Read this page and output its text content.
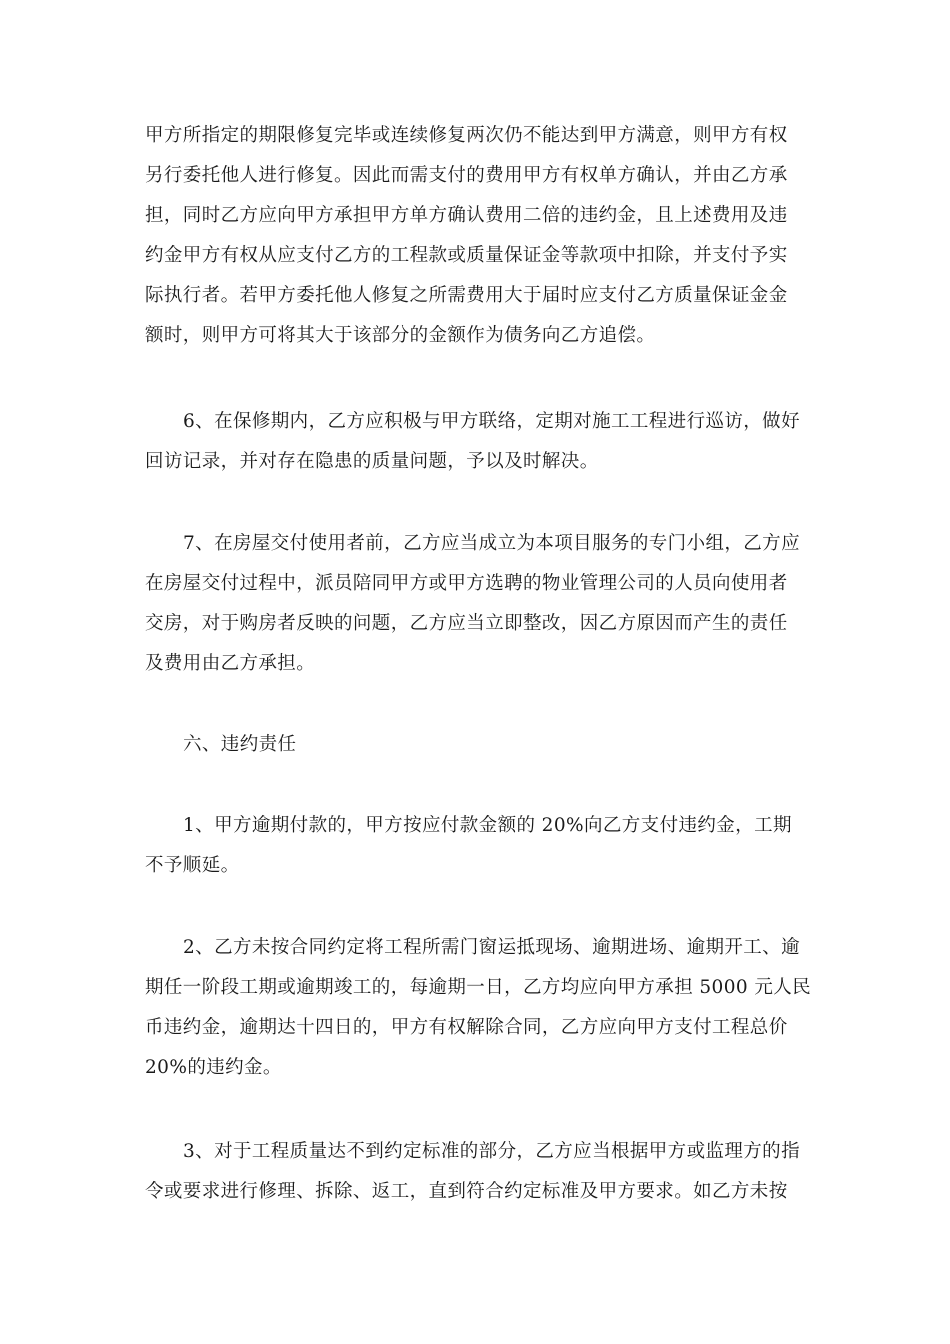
甲方所指定的期限修复完毕或连续修复两次仍不能达到甲方满意，则甲方有权
另行委托他人进行修复。因此而需支付的费用甲方有权单方确认，并由乙方承
担，同时乙方应向甲方承担甲方单方确认费用二倍的违约金，且上述费用及违
约金甲方有权从应支付乙方的工程款或质量保证金等款项中扣除，并支付予实
际执行者。若甲方委托他人修复之所需费用大于届时应支付乙方质量保证金金
额时，则甲方可将其大于该部分的金额作为债务向乙方追偿。

6、在保修期内，乙方应积极与甲方联络，定期对施工工程进行巡访，做好
回访记录，并对存在隐患的质量问题，予以及时解决。

7、在房屋交付使用者前，乙方应当成立为本项目服务的专门小组，乙方应
在房屋交付过程中，派员陪同甲方或甲方选聘的物业管理公司的人员向使用者
交房，对于购房者反映的问题，乙方应当立即整改，因乙方原因而产生的责任
及费用由乙方承担。

六、违约责任

1、甲方逾期付款的，甲方按应付款金额的 20%向乙方支付违约金，工期
不予顺延。

2、乙方未按合同约定将工程所需门窗运抵现场、逾期进场、逾期开工、逾
期任一阶段工期或逾期竣工的，每逾期一日，乙方均应向甲方承担 5000 元人民
币违约金，逾期达十四日的，甲方有权解除合同，乙方应向甲方支付工程总价
20%的违约金。

3、对于工程质量达不到约定标准的部分，乙方应当根据甲方或监理方的指
令或要求进行修理、拆除、返工，直到符合约定标准及甲方要求。如乙方未按
